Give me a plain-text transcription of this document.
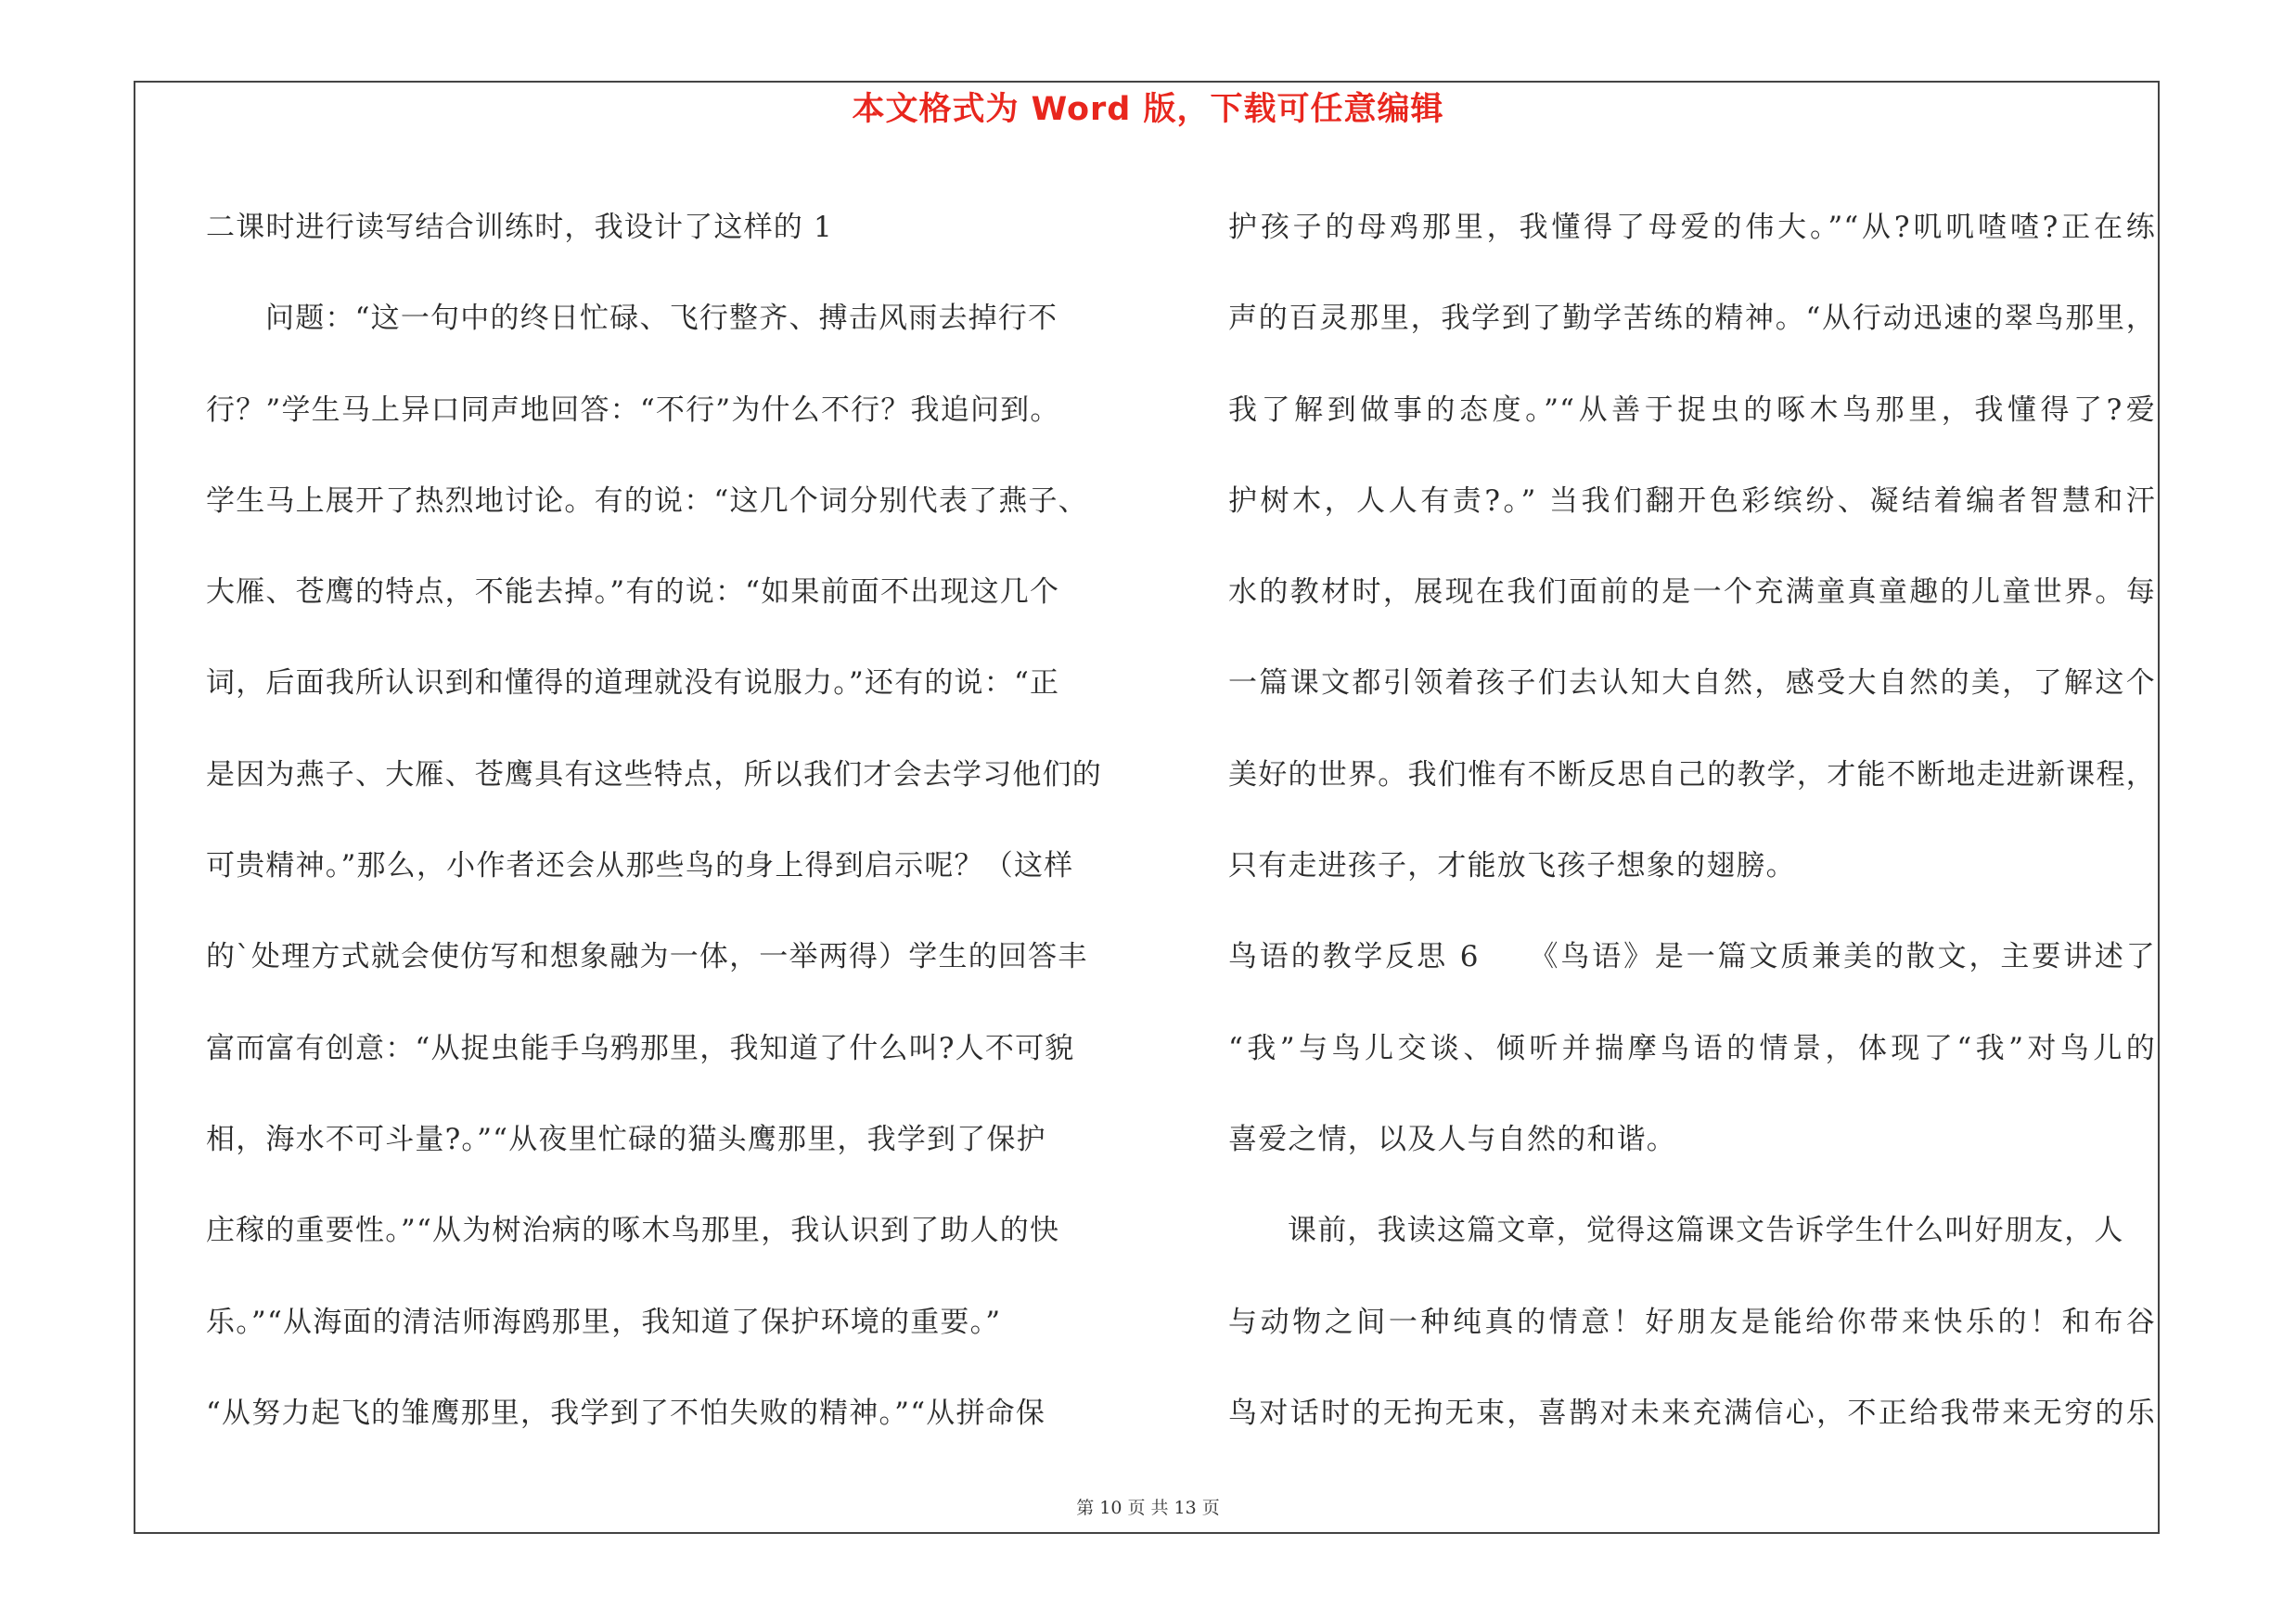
本文格式为 Word 版，下载可任意编辑
二课时进行读写结合训练时，我设计了这样的 1
问题：“这一句中的终日忙碌、飞行整齐、搏击风雨去掉行不
行？”学生马上异口同声地回答：“不行”为什么不行？我追问到。
学生马上展开了热烈地讨论。有的说：“这几个词分别代表了燕子、
大雁、苍鹰的特点，不能去掉。”有的说：“如果前面不出现这几个
词，后面我所认识到和懂得的道理就没有说服力。”还有的说：“正
是因为燕子、大雁、苍鹰具有这些特点，所以我们才会去学习他们的
可贵精神。”那么，小作者还会从那些鸟的身上得到启示呢？（这样
的`处理方式就会使仿写和想象融为一体，一举两得）学生的回答丰
富而富有创意：“从捉虫能手乌鸦那里，我知道了什么叫?人不可貌
相，海水不可斗量?。”“从夜里忙碌的猫头鹰那里，我学到了保护
庄稼的重要性。”“从为树治病的啄木鸟那里，我认识到了助人的快
乐。”“从海面的清洁师海鸥那里，我知道了保护环境的重要。”
“从努力起飞的雏鹰那里，我学到了不怕失败的精神。”“从拼命保
护孩子的母鸡那里，我懂得了母爱的伟大。”“从?叽叽喳喳?正在练
声的百灵那里，我学到了勤学苦练的精神。“从行动迅速的翠鸟那里，
我了解到做事的态度。”“从善于捉虫的啄木鸟那里，我懂得了?爱
护树木，人人有责?。” 当我们翻开色彩缤纷、凝结着编者智慧和汗
水的教材时，展现在我们面前的是一个充满童真童趣的儿童世界。每
一篇课文都引领着孩子们去认知大自然，感受大自然的美，了解这个
美好的世界。我们惟有不断反思自己的教学，才能不断地走进新课程，
只有走进孩子，才能放飞孩子想象的翅膀。
鸟语的教学反思 6　　《鸟语》是一篇文质兼美的散文，主要讲述了
“我”与鸟儿交谈、倾听并揣摩鸟语的情景，体现了“我”对鸟儿的
喜爱之情，以及人与自然的和谐。
课前，我读这篇文章，觉得这篇课文告诉学生什么叫好朋友，人
与动物之间一种纯真的情意！好朋友是能给你带来快乐的！和布谷
鸟对话时的无拘无束，喜鹊对未来充满信心，不正给我带来无穷的乐
第 10 页 共 13 页
